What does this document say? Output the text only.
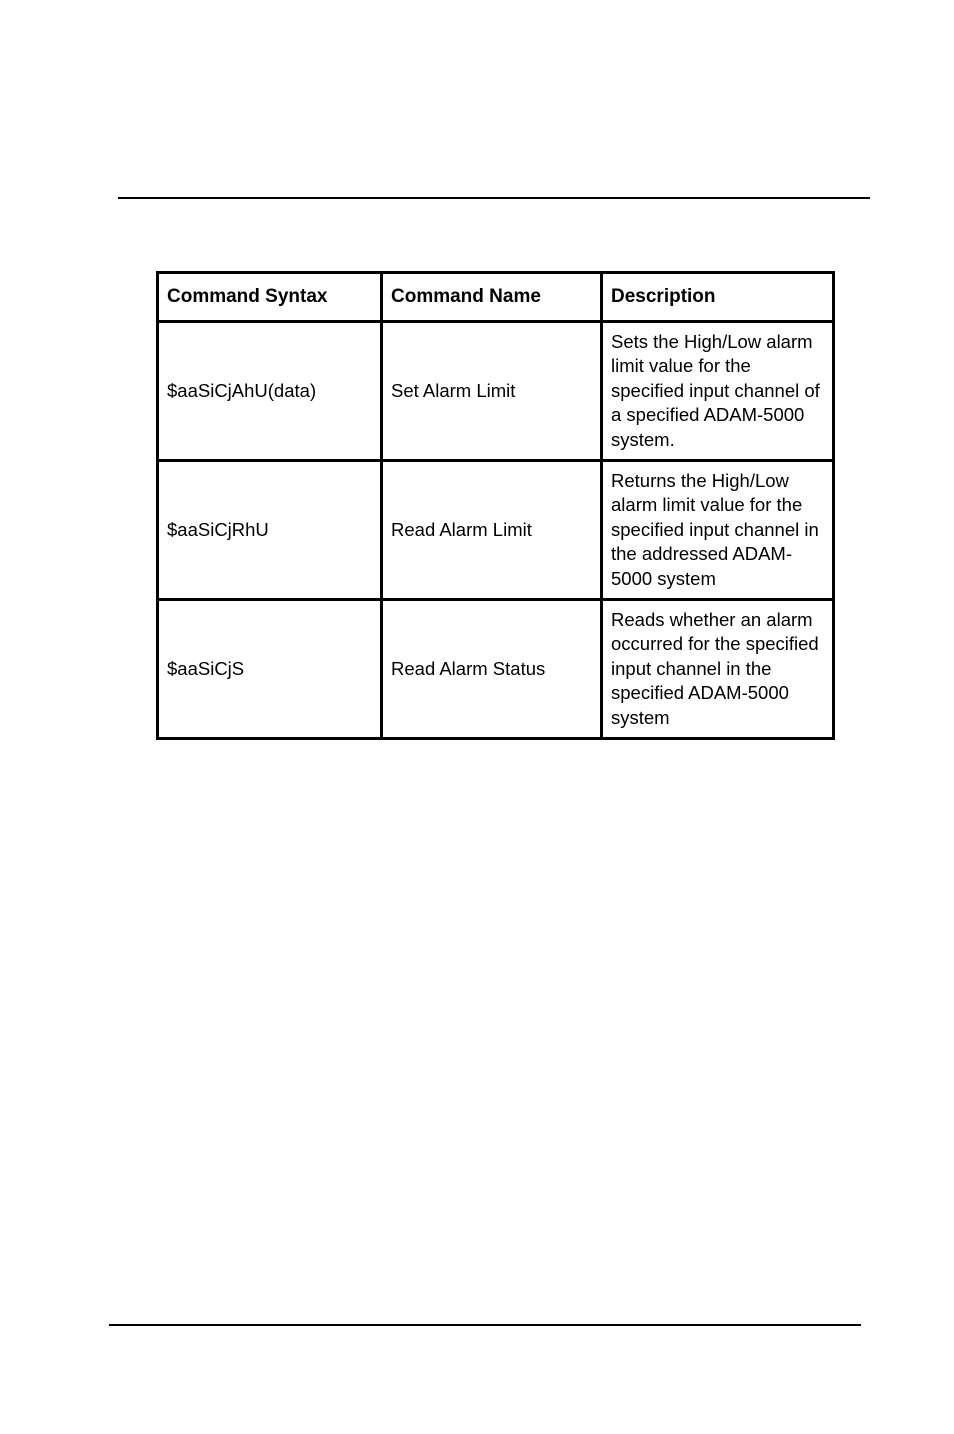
Command Syntax	Command Name	Description
$aaSiCjAhU(data)	Set Alarm Limit	Sets the High/Low alarm limit value for the specified input channel of a specified ADAM-5000 system.
$aaSiCjRhU	Read Alarm Limit	Returns the High/Low alarm limit value for the specified input channel in the addressed ADAM-5000 system
$aaSiCjS	Read Alarm Status	Reads whether an alarm occurred for the specified input channel in the specified ADAM-5000 system
